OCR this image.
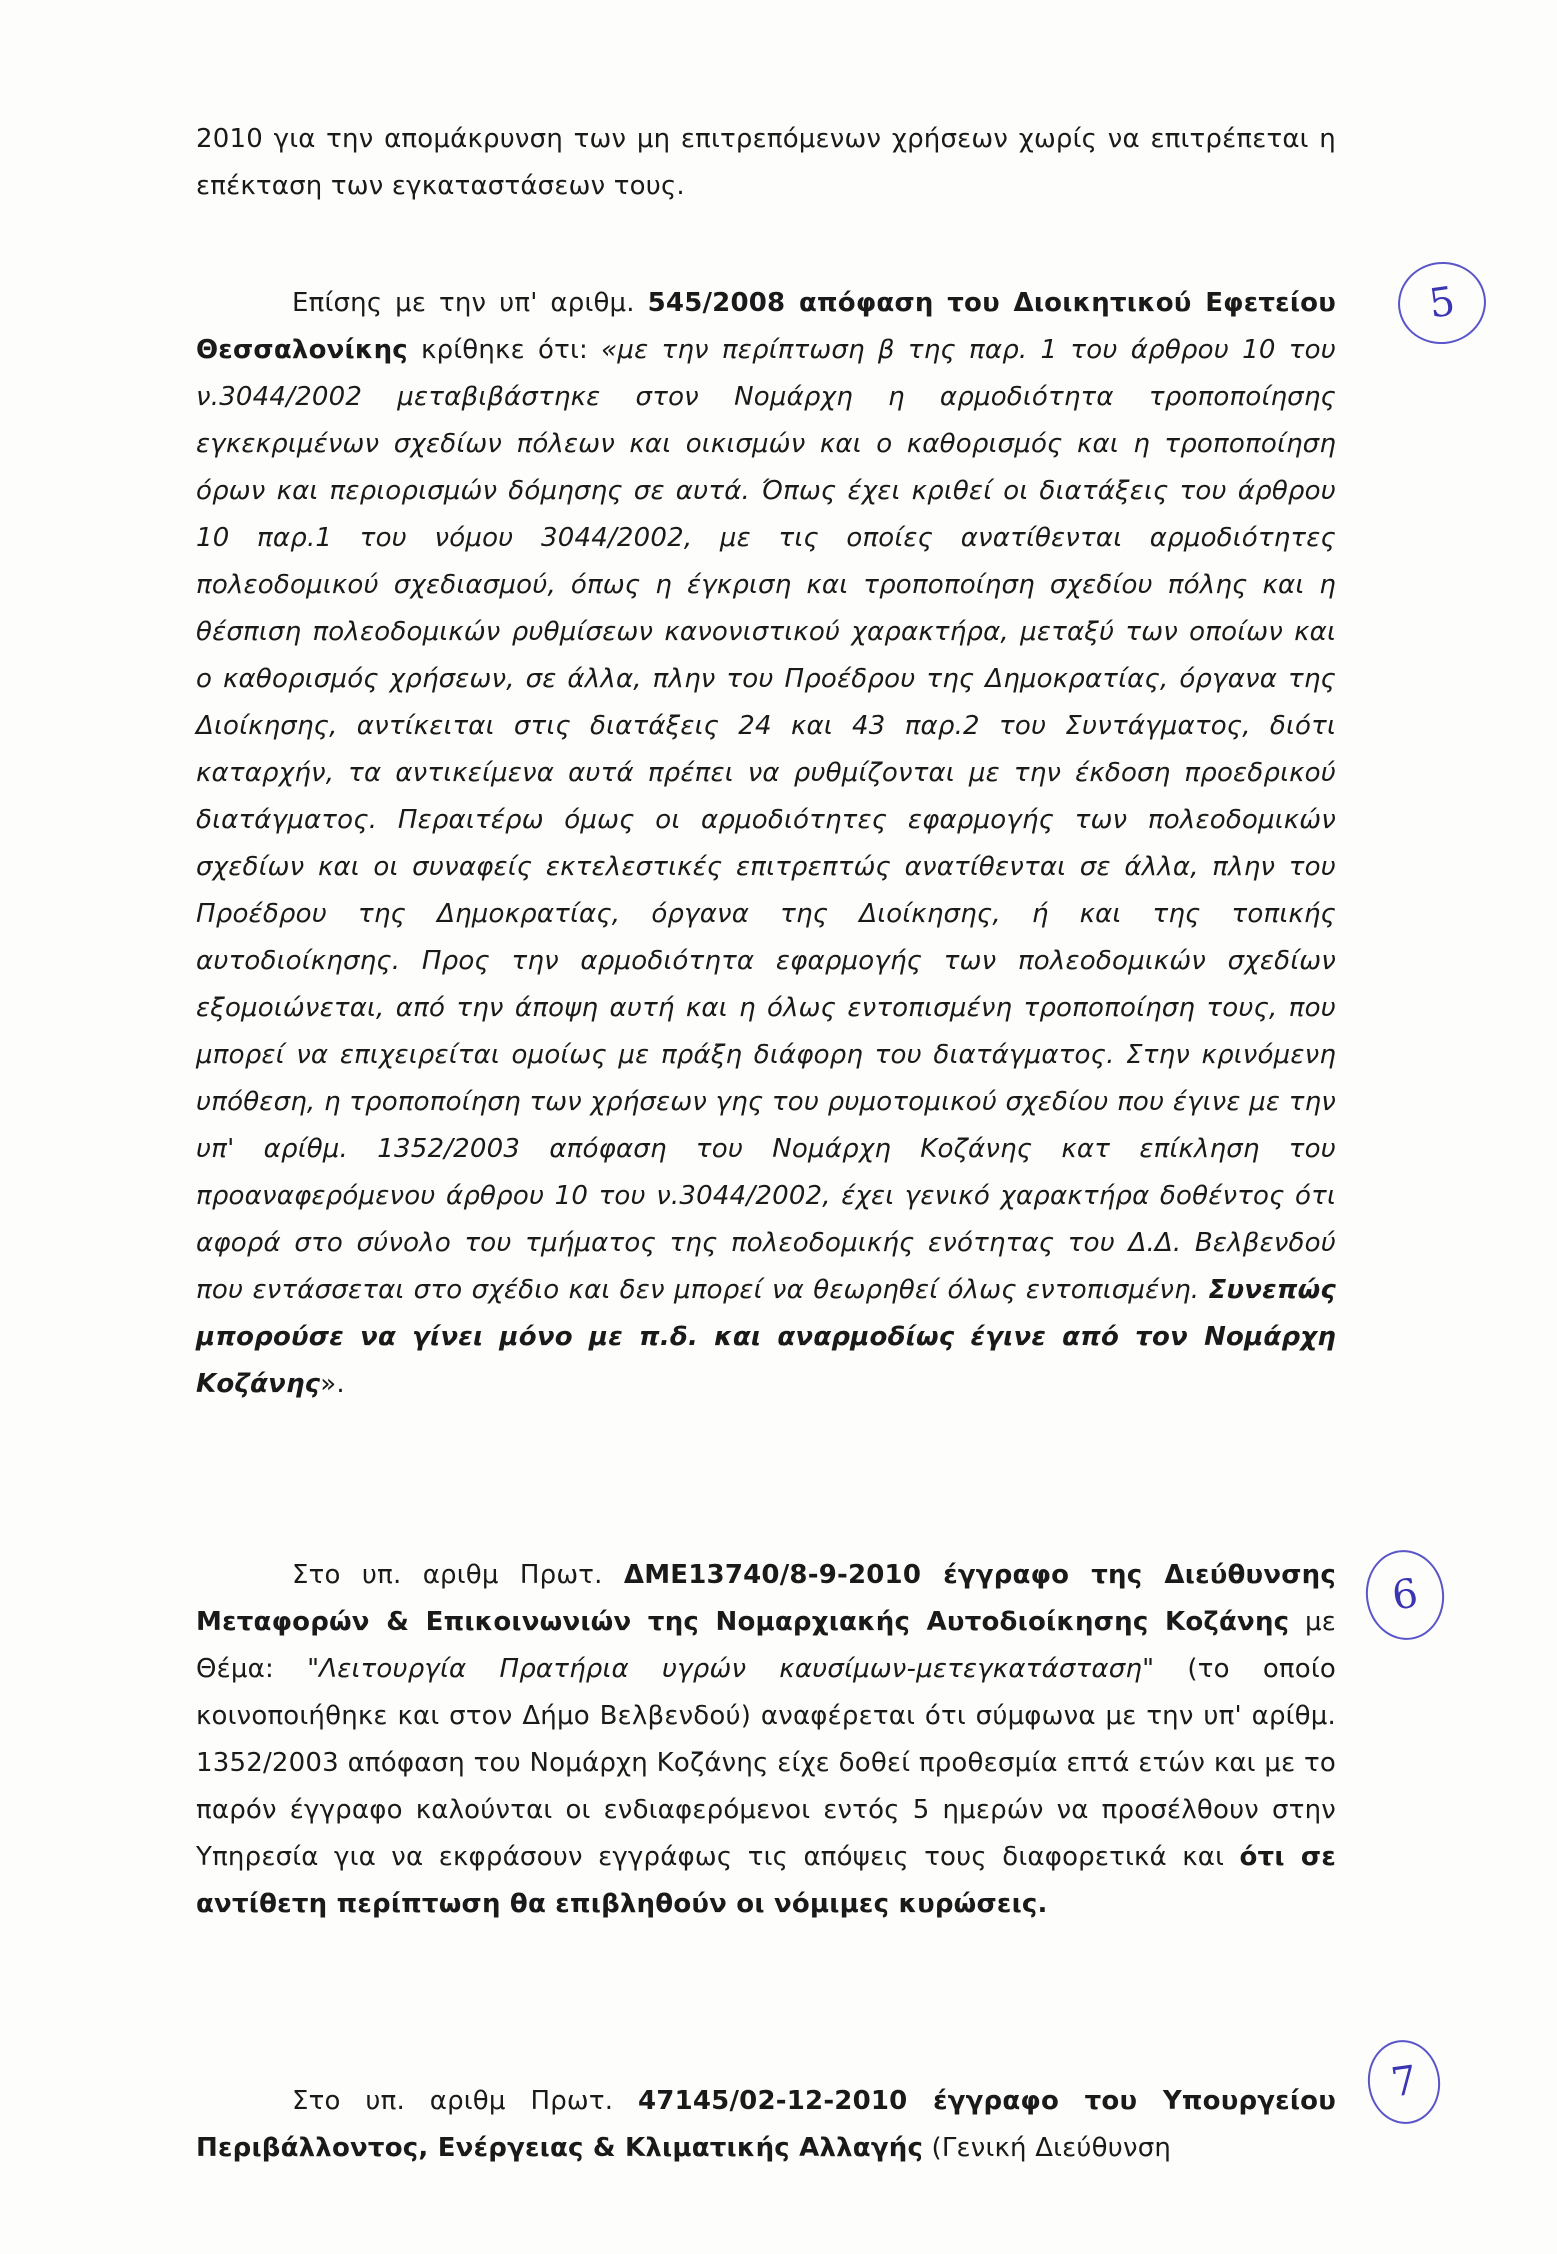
2010 για την απομάκρυνση των μη επιτρεπόμενων χρήσεων χωρίς να επιτρέπεται η επέκταση των εγκαταστάσεων τους.
Επίσης με την υπ' αριθμ. 545/2008 απόφαση του Διοικητικού Εφετείου Θεσσαλονίκης κρίθηκε ότι: «με την περίπτωση β της παρ. 1 του άρθρου 10 του ν.3044/2002 μεταβιβάστηκε στον Νομάρχη η αρμοδιότητα τροποποίησης εγκεκριμένων σχεδίων πόλεων και οικισμών και ο καθορισμός και η τροποποίηση όρων και περιορισμών δόμησης σε αυτά. Όπως έχει κριθεί οι διατάξεις του άρθρου 10 παρ.1 του νόμου 3044/2002, με τις οποίες ανατίθενται αρμοδιότητες πολεοδομικού σχεδιασμού, όπως η έγκριση και τροποποίηση σχεδίου πόλης και η θέσπιση πολεοδομικών ρυθμίσεων κανονιστικού χαρακτήρα, μεταξύ των οποίων και ο καθορισμός χρήσεων, σε άλλα, πλην του Προέδρου της Δημοκρατίας, όργανα της Διοίκησης, αντίκειται στις διατάξεις 24 και 43 παρ.2 του Συντάγματος, διότι καταρχήν, τα αντικείμενα αυτά πρέπει να ρυθμίζονται με την έκδοση προεδρικού διατάγματος. Περαιτέρω όμως οι αρμοδιότητες εφαρμογής των πολεοδομικών σχεδίων και οι συναφείς εκτελεστικές επιτρεπτώς ανατίθενται σε άλλα, πλην του Προέδρου της Δημοκρατίας, όργανα της Διοίκησης, ή και της τοπικής αυτοδιοίκησης. Προς την αρμοδιότητα εφαρμογής των πολεοδομικών σχεδίων εξομοιώνεται, από την άποψη αυτή και η όλως εντοπισμένη τροποποίηση τους, που μπορεί να επιχειρείται ομοίως με πράξη διάφορη του διατάγματος. Στην κρινόμενη υπόθεση, η τροποποίηση των χρήσεων γης του ρυμοτομικού σχεδίου που έγινε με την υπ' αρίθμ. 1352/2003 απόφαση του Νομάρχη Κοζάνης κατ επίκληση του προαναφερόμενου άρθρου 10 του ν.3044/2002, έχει γενικό χαρακτήρα δοθέντος ότι αφορά στο σύνολο του τμήματος της πολεοδομικής ενότητας του Δ.Δ. Βελβενδού που εντάσσεται στο σχέδιο και δεν μπορεί να θεωρηθεί όλως εντοπισμένη. Συνεπώς μπορούσε να γίνει μόνο με π.δ. και αναρμοδίως έγινε από τον Νομάρχη Κοζάνης».
Στο υπ. αριθμ Πρωτ. ΔΜΕ13740/8-9-2010 έγγραφο της Διεύθυνσης Μεταφορών & Επικοινωνιών της Νομαρχιακής Αυτοδιοίκησης Κοζάνης με Θέμα: "Λειτουργία Πρατήρια υγρών καυσίμων-μετεγκατάσταση" (το οποίο κοινοποιήθηκε και στον Δήμο Βελβενδού) αναφέρεται ότι σύμφωνα με την υπ' αρίθμ. 1352/2003 απόφαση του Νομάρχη Κοζάνης είχε δοθεί προθεσμία επτά ετών και με το παρόν έγγραφο καλούνται οι ενδιαφερόμενοι εντός 5 ημερών να προσέλθουν στην Υπηρεσία για να εκφράσουν εγγράφως τις απόψεις τους διαφορετικά και ότι σε αντίθετη περίπτωση θα επιβληθούν οι νόμιμες κυρώσεις.
Στο υπ. αριθμ Πρωτ. 47145/02-12-2010 έγγραφο του Υπουργείου Περιβάλλοντος, Ενέργειας & Κλιματικής Αλλαγής (Γενική Διεύθυνση
5
6
7
